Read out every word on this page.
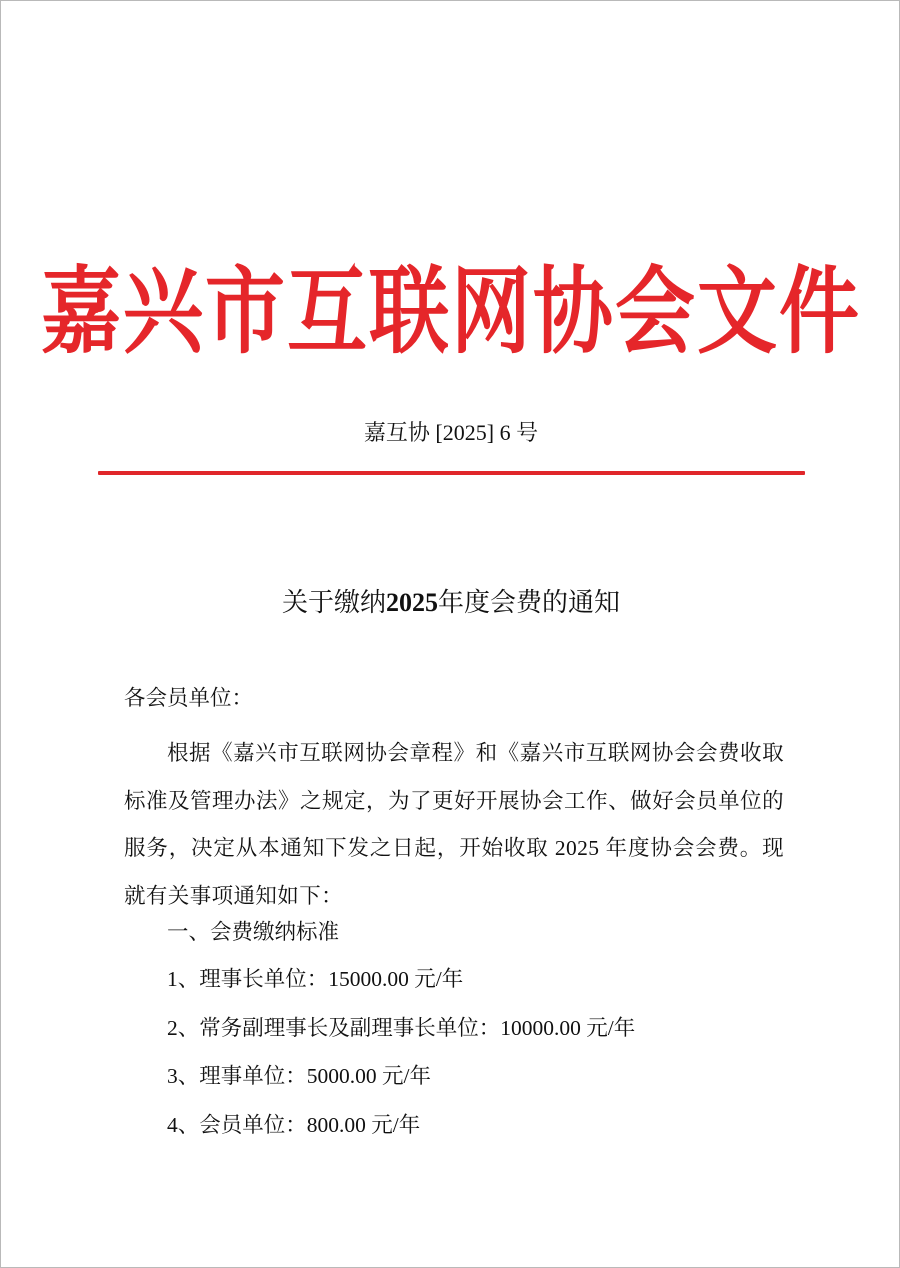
嘉兴市互联网协会文件
嘉互协 [2025] 6 号
关于缴纳2025年度会费的通知
各会员单位：
根据《嘉兴市互联网协会章程》和《嘉兴市互联网协会会费收取标准及管理办法》之规定，为了更好开展协会工作、做好会员单位的服务，决定从本通知下发之日起，开始收取 2025 年度协会会费。现就有关事项通知如下：
一、会费缴纳标准
1、理事长单位：15000.00 元/年
2、常务副理事长及副理事长单位：10000.00 元/年
3、理事单位：5000.00 元/年
4、会员单位：800.00 元/年
